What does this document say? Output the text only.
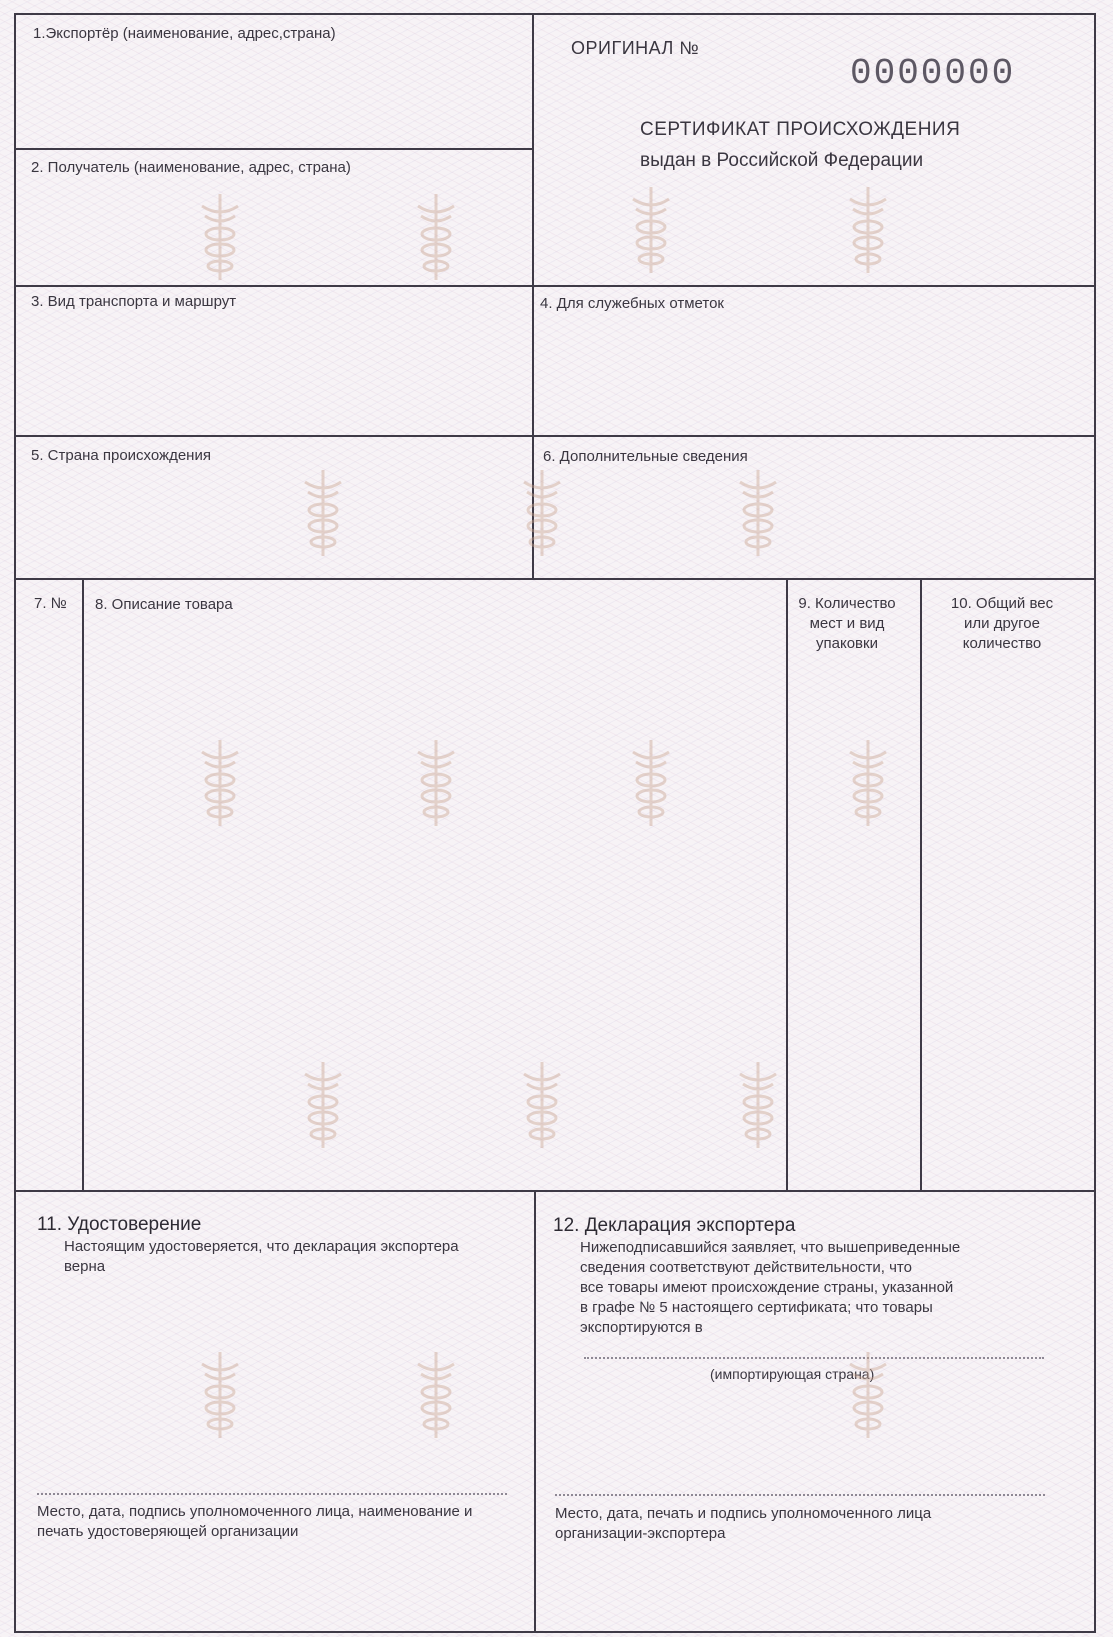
1.Экспортёр (наименование, адрес,страна)
2. Получатель (наименование, адрес, страна)
3. Вид транспорта и маршрут	4. Для служебных отметок
5. Страна происхождения	6. Дополнительные сведения
7. № 8. Описание товара	9. Количество
мест и вид
упаковки
10. Общий вес
или другое
количество
ОРИГИНАЛ №
0000000
СЕРТИФИКАТ ПРОИСХОЖДЕНИЯ
выдан в Российской Федерации
11. Удостоверение
Настоящим удостоверяется, что декларация экспортера
верна
Место, дата, подпись уполномоченного лица, наименование и
печать удостоверяющей организации
12. Декларация экспортера
Нижеподписавшийся заявляет, что вышеприведенные
сведения соответствуют действительности, что
все товары имеют происхождение страны, указанной
в графе № 5 настоящего сертификата; что товары
экспортируются в
(импортирующая страна)
Место, дата, печать и подпись уполномоченного лица
организации-экспортера
